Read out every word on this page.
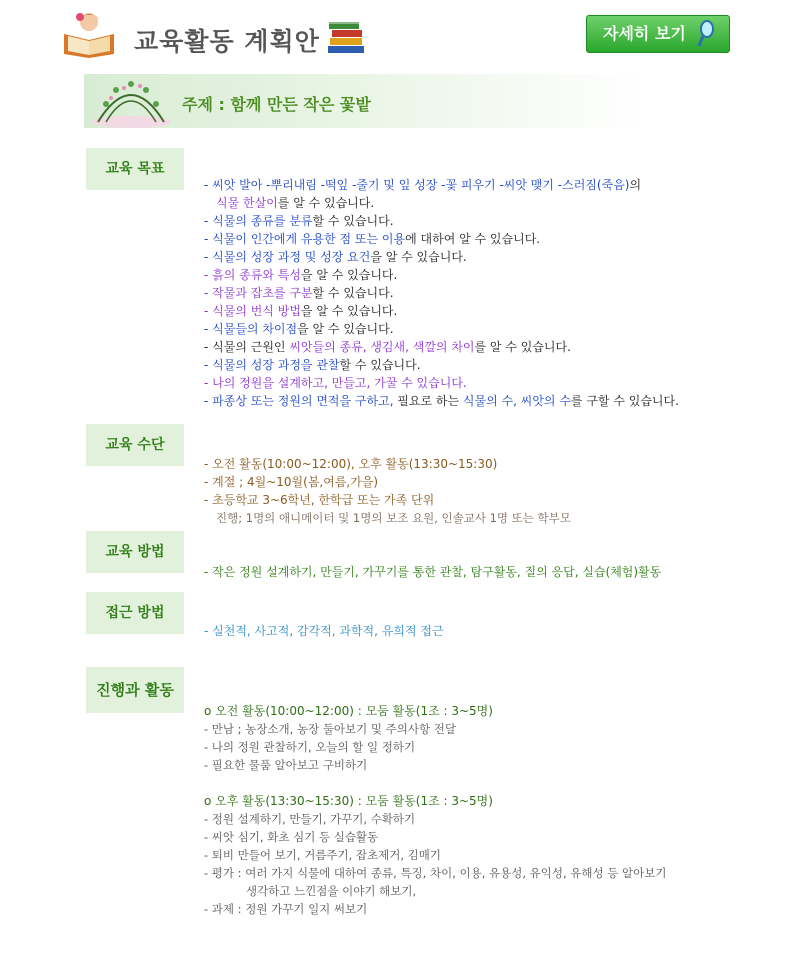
교육활동 계획안	자세히 보기
주제 : 함께 만든 작은 꽃밭
교육 목표
교육 수단
교육 방법
접근 방법
진행과 활동
- 씨앗 발아 -뿌리내림 -떡잎 -줄기 및 잎 성장 -꽃 피우기 -씨앗 맺기 -스러짐(죽음)의
식물 한살이를 알 수 있습니다.
- 식물의 종류를 분류할 수 있습니다.
- 식물이 인간에게 유용한 점 또는 이용에 대하여 알 수 있습니다.
- 식물의 성장 과정 및 성장 요건을 알 수 있습니다.
- 흙의 종류와 특성을 알 수 있습니다.
- 작물과 잡초를 구분할 수 있습니다.
- 식물의 번식 방법을 알 수 있습니다.
- 식물들의 차이점을 알 수 있습니다.
- 식물의 근원인 씨앗들의 종류, 생김새, 색깔의 차이를 알 수 있습니다.
- 식물의 성장 과정을 관찰할 수 있습니다.
- 나의 정원을 설계하고, 만들고, 가꿀 수 있습니다.
- 파종상 또는 정원의 면적을 구하고, 필요로 하는 식물의 수, 씨앗의 수를 구할 수 있습니다.
- 오전 활동(10:00~12:00), 오후 활동(13:30~15:30)
- 계절 ; 4월~10월(봄,여름,가을)
- 초등학교 3~6학년, 한학급 또는 가족 단위
진행; 1명의 애니메이터 및 1명의 보조 요원, 인솔교사 1명 또는 학부모
- 작은 정원 설계하기, 만들기, 가꾸기를 통한 관찰, 탐구활동, 질의 응답, 실습(체험)활동
- 실천적, 사고적, 감각적, 과학적, 유희적 접근
o 오전 활동(10:00~12:00) : 모둠 활동(1조 : 3~5명)
- 만남 ; 농장소개, 농장 둘아보기 및 주의사항 전달
- 나의 정원 관찰하기, 오늘의 할 일 정하기
- 필요한 물품 알아보고 구비하기
o 오후 활동(13:30~15:30) : 모둠 활동(1조 : 3~5명)
- 정원 설계하기, 만들기, 가꾸기, 수확하기
- 씨앗 심기, 화초 심기 등 실습활동
- 퇴비 만들어 보기, 거름주기, 잡초제거, 김매기
- 평가 : 여러 가지 식물에 대하여 종류, 특징, 차이, 이용, 유용성, 유익성, 유해성 등 알아보기
생각하고 느낀점을 이야기 해보기,
- 과제 : 정원 가꾸기 일지 써보기
